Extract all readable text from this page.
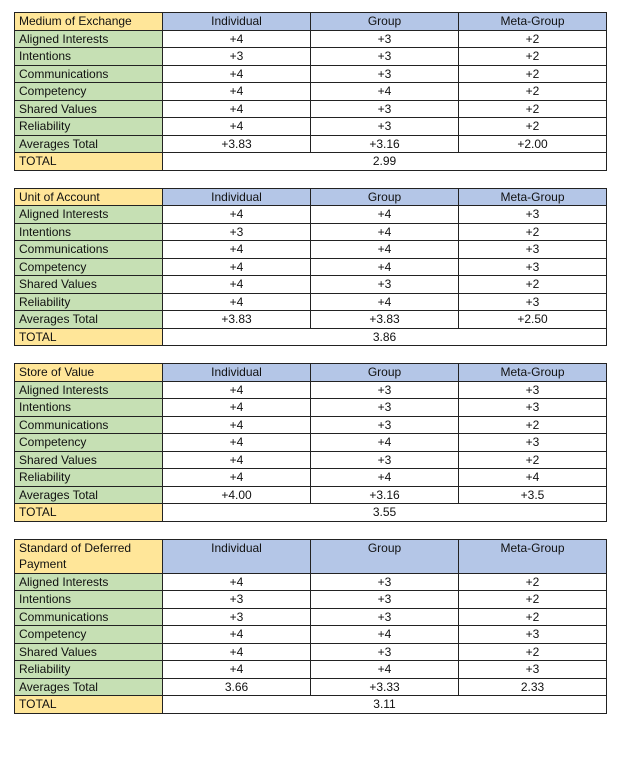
Medium of Exchange	Individual	Group	Meta-Group
Aligned Interests	+4	+3	+2
Intentions	+3	+3	+2
Communications	+4	+3	+2
Competency	+4	+4	+2
Shared Values	+4	+3	+2
Reliability	+4	+3	+2
Averages Total	+3.83	+3.16	+2.00
TOTAL	2.99		
Unit of Account	Individual	Group	Meta-Group
Aligned Interests	+4	+4	+3
Intentions	+3	+4	+2
Communications	+4	+4	+3
Competency	+4	+4	+3
Shared Values	+4	+3	+2
Reliability	+4	+4	+3
Averages Total	+3.83	+3.83	+2.50
TOTAL	3.86		
Store of Value	Individual	Group	Meta-Group
Aligned Interests	+4	+3	+3
Intentions	+4	+3	+3
Communications	+4	+3	+2
Competency	+4	+4	+3
Shared Values	+4	+3	+2
Reliability	+4	+4	+4
Averages Total	+4.00	+3.16	+3.5
TOTAL	3.55		
Standard of Deferred Payment	Individual	Group	Meta-Group
Aligned Interests	+4	+3	+2
Intentions	+3	+3	+2
Communications	+3	+3	+2
Competency	+4	+4	+3
Shared Values	+4	+3	+2
Reliability	+4	+4	+3
Averages Total	3.66	+3.33	2.33
TOTAL	3.11		
